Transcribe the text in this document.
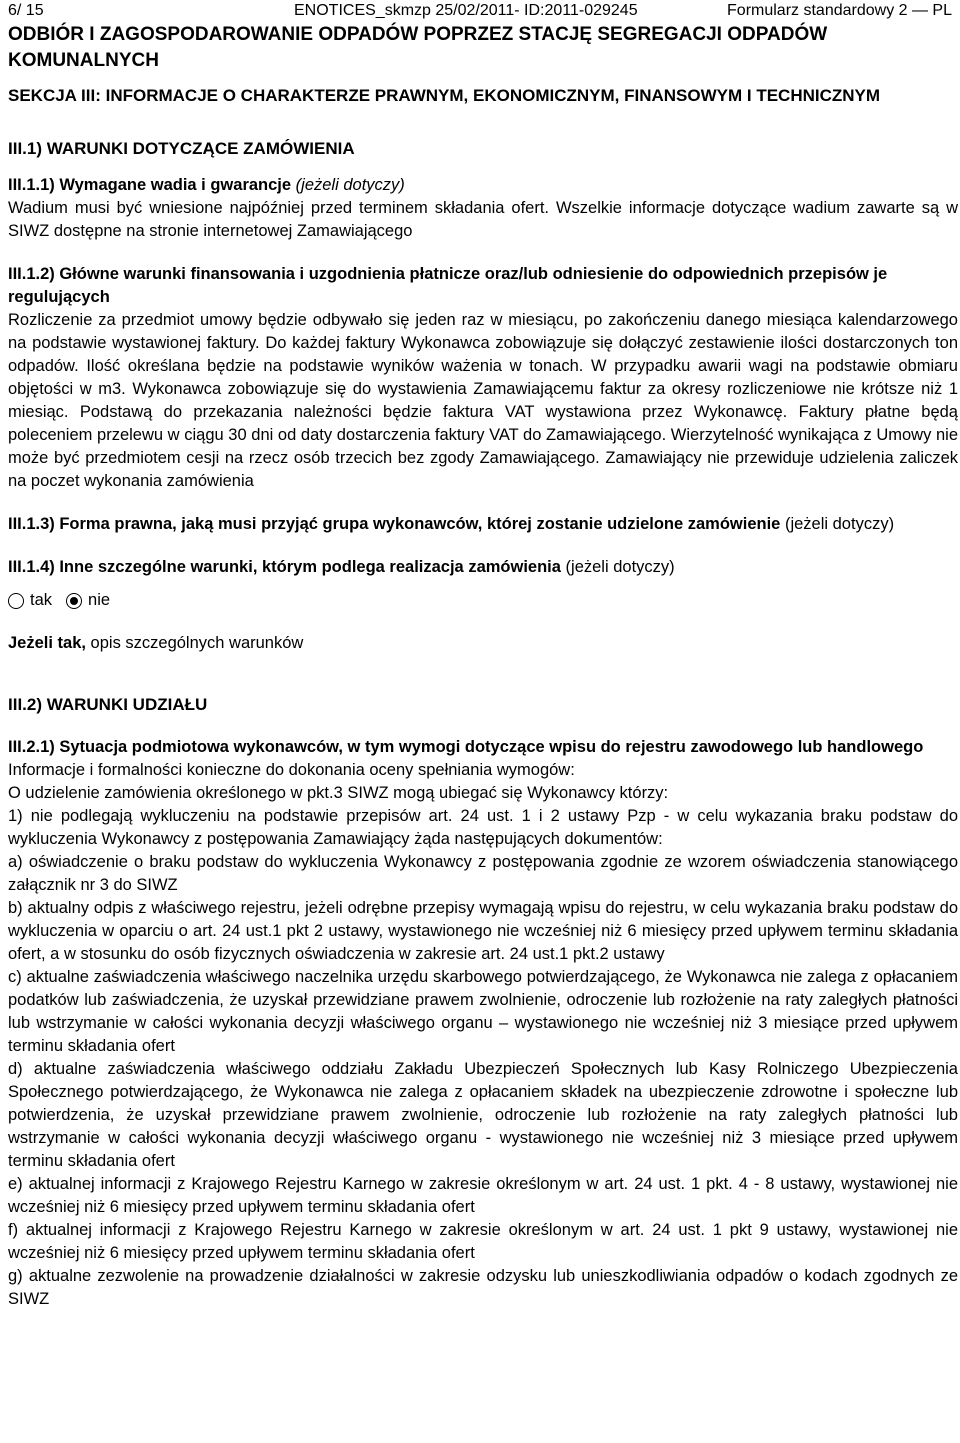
6/ 15	ENOTICES_skmzp 25/02/2011- ID:2011-029245	Formularz standardowy 2 — PL
ODBIÓR I ZAGOSPODAROWANIE ODPADÓW POPRZEZ STACJĘ SEGREGACJI ODPADÓW KOMUNALNYCH
SEKCJA III: INFORMACJE O CHARAKTERZE PRAWNYM, EKONOMICZNYM, FINANSOWYM I TECHNICZNYM
III.1) WARUNKI DOTYCZĄCE ZAMÓWIENIA
III.1.1) Wymagane wadia i gwarancje (jeżeli dotyczy)
Wadium musi być wniesione najpóźniej przed terminem składania ofert. Wszelkie informacje dotyczące wadium zawarte są w SIWZ dostępne na stronie internetowej Zamawiającego
III.1.2) Główne warunki finansowania i uzgodnienia płatnicze oraz/lub odniesienie do odpowiednich przepisów je regulujących
Rozliczenie za przedmiot umowy będzie odbywało się jeden raz w miesiącu, po zakończeniu danego miesiąca kalendarzowego na podstawie wystawionej faktury. Do każdej faktury Wykonawca zobowiązuje się dołączyć zestawienie ilości dostarczonych ton odpadów. Ilość określana będzie na podstawie wyników ważenia w tonach. W przypadku awarii wagi na podstawie obmiaru objętości w m3. Wykonawca zobowiązuje się do wystawienia Zamawiającemu faktur za okresy rozliczeniowe nie krótsze niż 1 miesiąc. Podstawą do przekazania należności będzie faktura VAT wystawiona przez Wykonawcę. Faktury płatne będą poleceniem przelewu w ciągu 30 dni od daty dostarczenia faktury VAT do Zamawiającego. Wierzytelność wynikająca z Umowy nie może być przedmiotem cesji na rzecz osób trzecich bez zgody Zamawiającego. Zamawiający nie przewiduje udzielenia zaliczek na poczet wykonania zamówienia
III.1.3) Forma prawna, jaką musi przyjąć grupa wykonawców, której zostanie udzielone zamówienie (jeżeli dotyczy)
III.1.4) Inne szczególne warunki, którym podlega realizacja zamówienia (jeżeli dotyczy)
tak nie
Jeżeli tak, opis szczególnych warunków
III.2) WARUNKI UDZIAŁU
III.2.1) Sytuacja podmiotowa wykonawców, w tym wymogi dotyczące wpisu do rejestru zawodowego lub handlowego
Informacje i formalności konieczne do dokonania oceny spełniania wymogów:
O udzielenie zamówienia określonego w pkt.3 SIWZ mogą ubiegać się Wykonawcy którzy:
1) nie podlegają wykluczeniu na podstawie przepisów art. 24 ust. 1 i 2 ustawy Pzp - w celu wykazania braku podstaw do wykluczenia Wykonawcy z postępowania Zamawiający żąda następujących dokumentów:
a) oświadczenie o braku podstaw do wykluczenia Wykonawcy z postępowania zgodnie ze wzorem oświadczenia stanowiącego załącznik nr 3 do SIWZ
b) aktualny odpis z właściwego rejestru, jeżeli odrębne przepisy wymagają wpisu do rejestru, w celu wykazania braku podstaw do wykluczenia w oparciu o art. 24 ust.1 pkt 2 ustawy, wystawionego nie wcześniej niż 6 miesięcy przed upływem terminu składania ofert, a w stosunku do osób fizycznych oświadczenia w zakresie art. 24 ust.1 pkt.2 ustawy
c) aktualne zaświadczenia właściwego naczelnika urzędu skarbowego potwierdzającego, że Wykonawca nie zalega z opłacaniem podatków lub zaświadczenia, że uzyskał przewidziane prawem zwolnienie, odroczenie lub rozłożenie na raty zaległych płatności lub wstrzymanie w całości wykonania decyzji właściwego organu – wystawionego nie wcześniej niż 3 miesiące przed upływem terminu składania ofert
d) aktualne zaświadczenia właściwego oddziału Zakładu Ubezpieczeń Społecznych lub Kasy Rolniczego Ubezpieczenia Społecznego potwierdzającego, że Wykonawca nie zalega z opłacaniem składek na ubezpieczenie zdrowotne i społeczne lub potwierdzenia, że uzyskał przewidziane prawem zwolnienie, odroczenie lub rozłożenie na raty zaległych płatności lub wstrzymanie w całości wykonania decyzji właściwego organu - wystawionego nie wcześniej niż 3 miesiące przed upływem terminu składania ofert
e) aktualnej informacji z Krajowego Rejestru Karnego w zakresie określonym w art. 24 ust. 1 pkt. 4 - 8 ustawy, wystawionej nie wcześniej niż 6 miesięcy przed upływem terminu składania ofert
f) aktualnej informacji z Krajowego Rejestru Karnego w zakresie określonym w art. 24 ust. 1 pkt 9 ustawy, wystawionej nie wcześniej niż 6 miesięcy przed upływem terminu składania ofert
g) aktualne zezwolenie na prowadzenie działalności w zakresie odzysku lub unieszkodliwiania odpadów o kodach zgodnych ze SIWZ
